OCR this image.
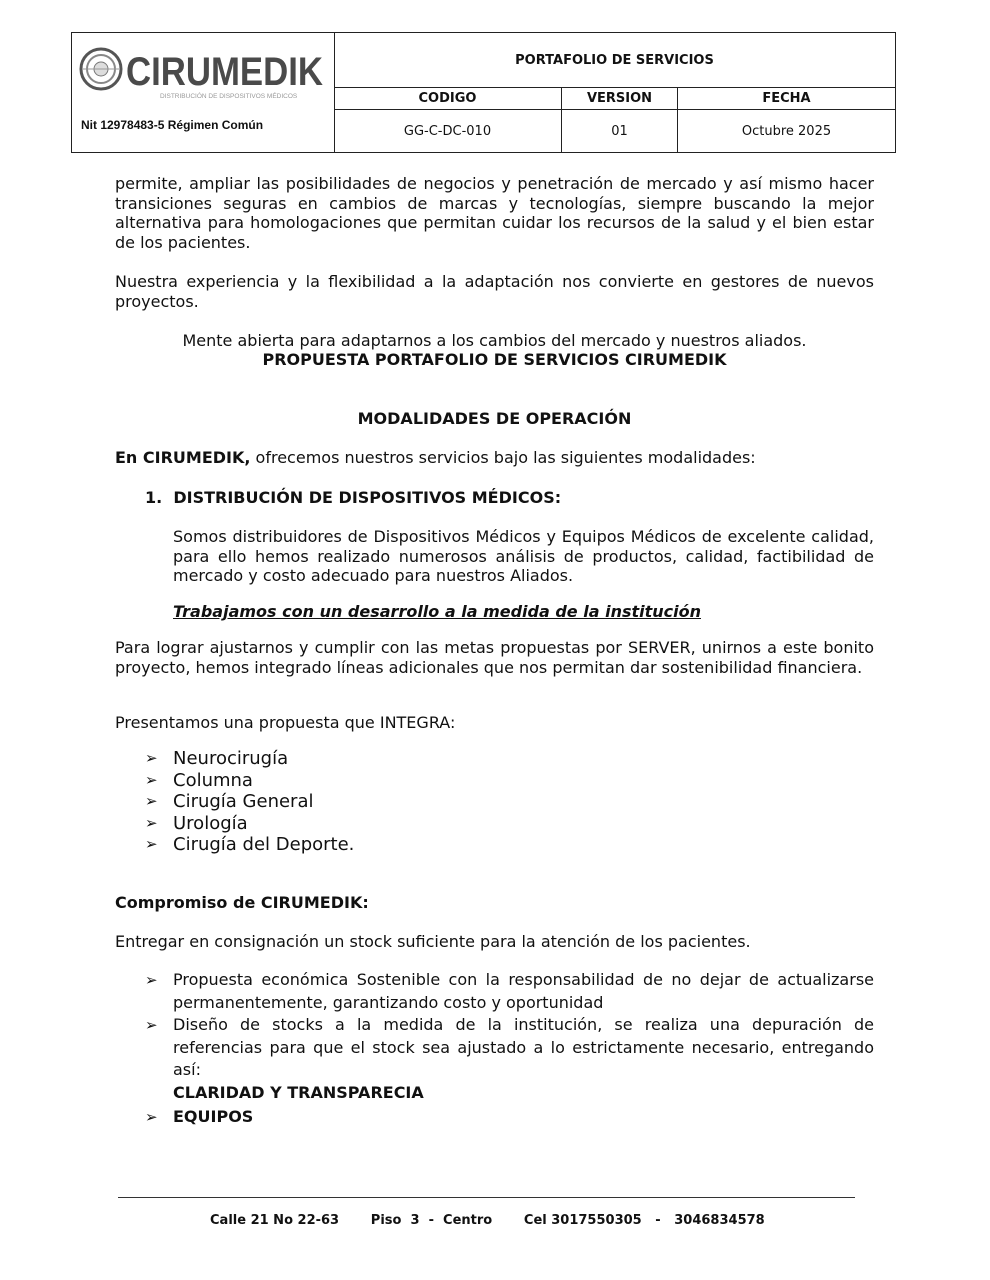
CIRUMEDIK
DISTRIBUCIÓN DE DISPOSITIVOS MÉDICOS
Nit 12978483-5 Régimen Común
PORTAFOLIO DE SERVICIOS
CODIGO
GG-C-DC-010
VERSION
01
FECHA
Octubre 2025
permite, ampliar las posibilidades de negocios y penetración de mercado y así mismo hacer transiciones seguras en cambios de marcas y tecnologías, siempre buscando la mejor alternativa para homologaciones que permitan cuidar los recursos de la salud y el bien estar de los pacientes.
Nuestra experiencia y la flexibilidad a la adaptación nos convierte en gestores de nuevos proyectos.
Mente abierta para adaptarnos a los cambios del mercado y nuestros aliados.
PROPUESTA PORTAFOLIO DE SERVICIOS CIRUMEDIK
MODALIDADES DE OPERACIÓN
En CIRUMEDIK, ofrecemos nuestros servicios bajo las siguientes modalidades:
1. DISTRIBUCIÓN DE DISPOSITIVOS MÉDICOS:
Somos distribuidores de Dispositivos Médicos y Equipos Médicos de excelente calidad, para ello hemos realizado numerosos análisis de productos, calidad, factibilidad de mercado y costo adecuado para nuestros Aliados.
Trabajamos con un desarrollo a la medida de la institución
Para lograr ajustarnos y cumplir con las metas propuestas por SERVER, unirnos a este bonito proyecto, hemos integrado líneas adicionales que nos permitan dar sostenibilidad financiera.
Presentamos una propuesta que INTEGRA:
➢ Neurocirugía
➢ Columna
➢ Cirugía General
➢ Urología
➢ Cirugía del Deporte.
Compromiso de CIRUMEDIK:
Entregar en consignación un stock suficiente para la atención de los pacientes.
➢ Propuesta económica Sostenible con la responsabilidad de no dejar de actualizarse permanentemente, garantizando costo y oportunidad
➢ Diseño de stocks a la medida de la institución, se realiza una depuración de referencias para que el stock sea ajustado a lo estrictamente necesario, entregando así:
CLARIDAD Y TRANSPARECIA
➢ EQUIPOS
Calle 21 No 22-63 Piso  3  -  Centro Cel 3017550305   -   3046834578
